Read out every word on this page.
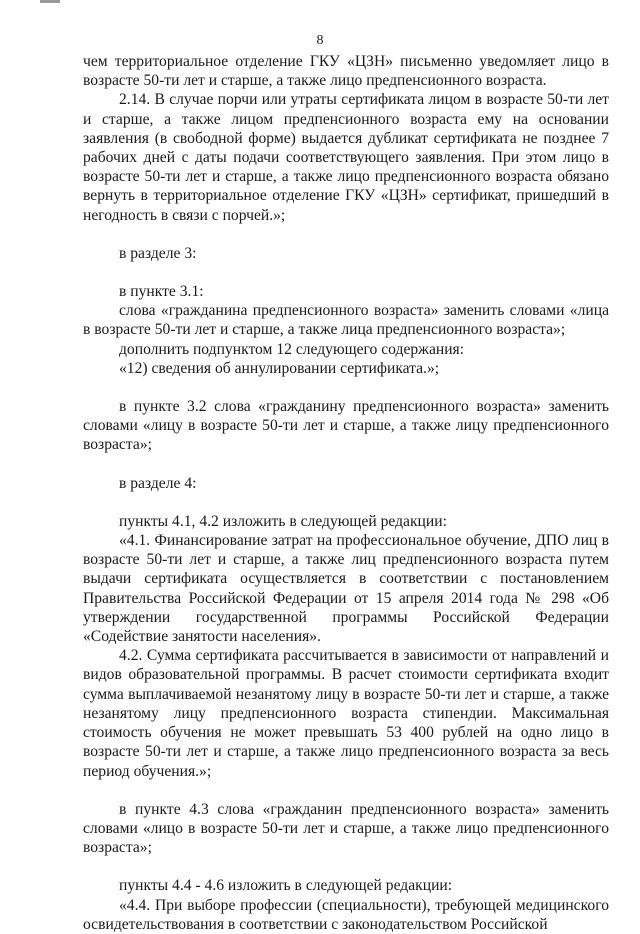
8

чем территориальное отделение ГКУ «ЦЗН» письменно уведомляет лицо в возрасте 50-ти лет и старше, а также лицо предпенсионного возраста.

2.14. В случае порчи или утраты сертификата лицом в возрасте 50-ти лет и старше, а также лицом предпенсионного возраста ему на основании заявления (в свободной форме) выдается дубликат сертификата не позднее 7 рабочих дней с даты подачи соответствующего заявления. При этом лицо в возрасте 50-ти лет и старше, а также лицо предпенсионного возраста обязано вернуть в территориальное отделение ГКУ «ЦЗН» сертификат, пришедший в негодность в связи с порчей.»;

в разделе 3:

в пункте 3.1:

слова «гражданина предпенсионного возраста» заменить словами «лица в возрасте 50-ти лет и старше, а также лица предпенсионного возраста»;

дополнить подпунктом 12 следующего содержания:

«12) сведения об аннулировании сертификата.»;

в пункте 3.2 слова «гражданину предпенсионного возраста» заменить словами «лицу в возрасте 50-ти лет и старше, а также лицу предпенсионного возраста»;

в разделе 4:

пункты 4.1, 4.2 изложить в следующей редакции:

«4.1. Финансирование затрат на профессиональное обучение, ДПО лиц в возрасте 50-ти лет и старше, а также лиц предпенсионного возраста путем выдачи сертификата осуществляется в соответствии с постановлением Правительства Российской Федерации от 15 апреля 2014 года № 298 «Об утверждении государственной программы Российской Федерации «Содействие занятости населения».

4.2. Сумма сертификата рассчитывается в зависимости от направлений и видов образовательной программы. В расчет стоимости сертификата входит сумма выплачиваемой незанятому лицу в возрасте 50-ти лет и старше, а также незанятому лицу предпенсионного возраста стипендии. Максимальная стоимость обучения не может превышать 53 400 рублей на одно лицо в возрасте 50-ти лет и старше, а также лицо предпенсионного возраста за весь период обучения.»;

в пункте 4.3 слова «гражданин предпенсионного возраста» заменить словами «лицо в возрасте 50-ти лет и старше, а также лицо предпенсионного возраста»;

пункты 4.4 - 4.6 изложить в следующей редакции:

«4.4. При выборе профессии (специальности), требующей медицинского освидетельствования в соответствии с законодательством Российской
